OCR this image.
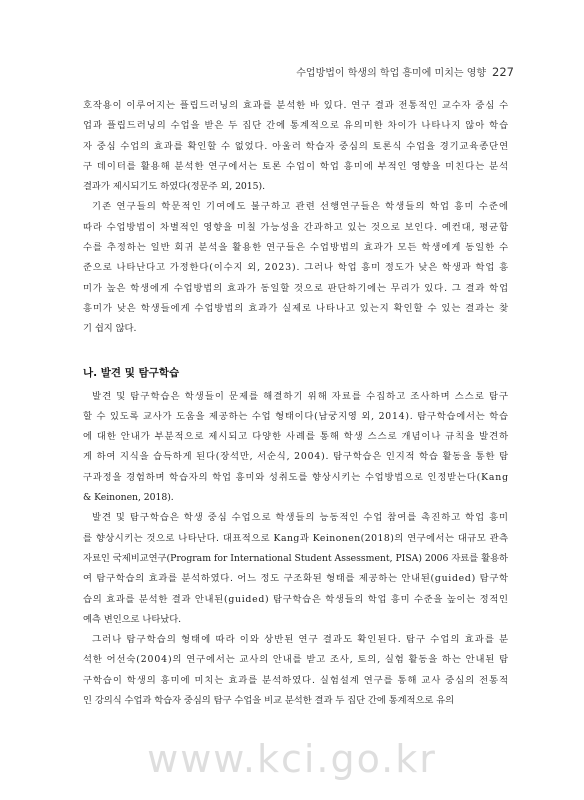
수업방법이 학생의 학업 흥미에 미치는 영향 227

호작용이 이루어지는 플립드러닝의 효과를 분석한 바 있다. 연구 결과 전통적인 교수자 중심 수
업과 플립드러닝의 수업을 받은 두 집단 간에 통계적으로 유의미한 차이가 나타나지 않아 학습
자 중심 수업의 효과를 확인할 수 없었다. 아울러 학습자 중심의 토론식 수업을 경기교육종단연
구 데이터를 활용해 분석한 연구에서는 토론 수업이 학업 흥미에 부적인 영향을 미친다는 분석
결과가 제시되기도 하였다(정문주 외, 2015).

기존 연구들의 학문적인 기여에도 불구하고 관련 선행연구들은 학생들의 학업 흥미 수준에
따라 수업방법이 차별적인 영향을 미칠 가능성을 간과하고 있는 것으로 보인다. 예컨대, 평균함
수를 추정하는 일반 회귀 분석을 활용한 연구들은 수업방법의 효과가 모든 학생에게 동일한 수
준으로 나타난다고 가정한다(이수지 외, 2023). 그러나 학업 흥미 정도가 낮은 학생과 학업 흥
미가 높은 학생에게 수업방법의 효과가 동일할 것으로 판단하기에는 무리가 있다. 그 결과 학업
흥미가 낮은 학생들에게 수업방법의 효과가 실제로 나타나고 있는지 확인할 수 있는 결과는 찾
기 쉽지 않다.

나. 발견 및 탐구학습

발견 및 탐구학습은 학생들이 문제를 해결하기 위해 자료를 수집하고 조사하며 스스로 탐구
할 수 있도록 교사가 도움을 제공하는 수업 형태이다(남궁지영 외, 2014). 탐구학습에서는 학습
에 대한 안내가 부분적으로 제시되고 다양한 사례를 통해 학생 스스로 개념이나 규칙을 발견하
게 하여 지식을 습득하게 된다(장석만, 서순식, 2004). 탐구학습은 인지적 학습 활동을 통한 탐
구과정을 경험하며 학습자의 학업 흥미와 성취도를 향상시키는 수업방법으로 인정받는다(Kang
& Keinonen, 2018).

발견 및 탐구학습은 학생 중심 수업으로 학생들의 능동적인 수업 참여를 촉진하고 학업 흥미
를 향상시키는 것으로 나타난다. 대표적으로 Kang과 Keinonen(2018)의 연구에서는 대규모 관측
자료인 국제비교연구(Program for International Student Assessment, PISA) 2006 자료를 활용하
여 탐구학습의 효과를 분석하였다. 어느 정도 구조화된 형태를 제공하는 안내된(guided) 탐구학
습의 효과를 분석한 결과 안내된(guided) 탐구학습은 학생들의 학업 흥미 수준을 높이는 정적인
예측 변인으로 나타났다.

그러나 탐구학습의 형태에 따라 이와 상반된 연구 결과도 확인된다. 탐구 수업의 효과를 분
석한 어선숙(2004)의 연구에서는 교사의 안내를 받고 조사, 토의, 실험 활동을 하는 안내된 탐
구학습이 학생의 흥미에 미치는 효과를 분석하였다. 실험설계 연구를 통해 교사 중심의 전통적
인 강의식 수업과 학습자 중심의 탐구 수업을 비교 분석한 결과 두 집단 간에 통계적으로 유의

www.kci.go.kr
